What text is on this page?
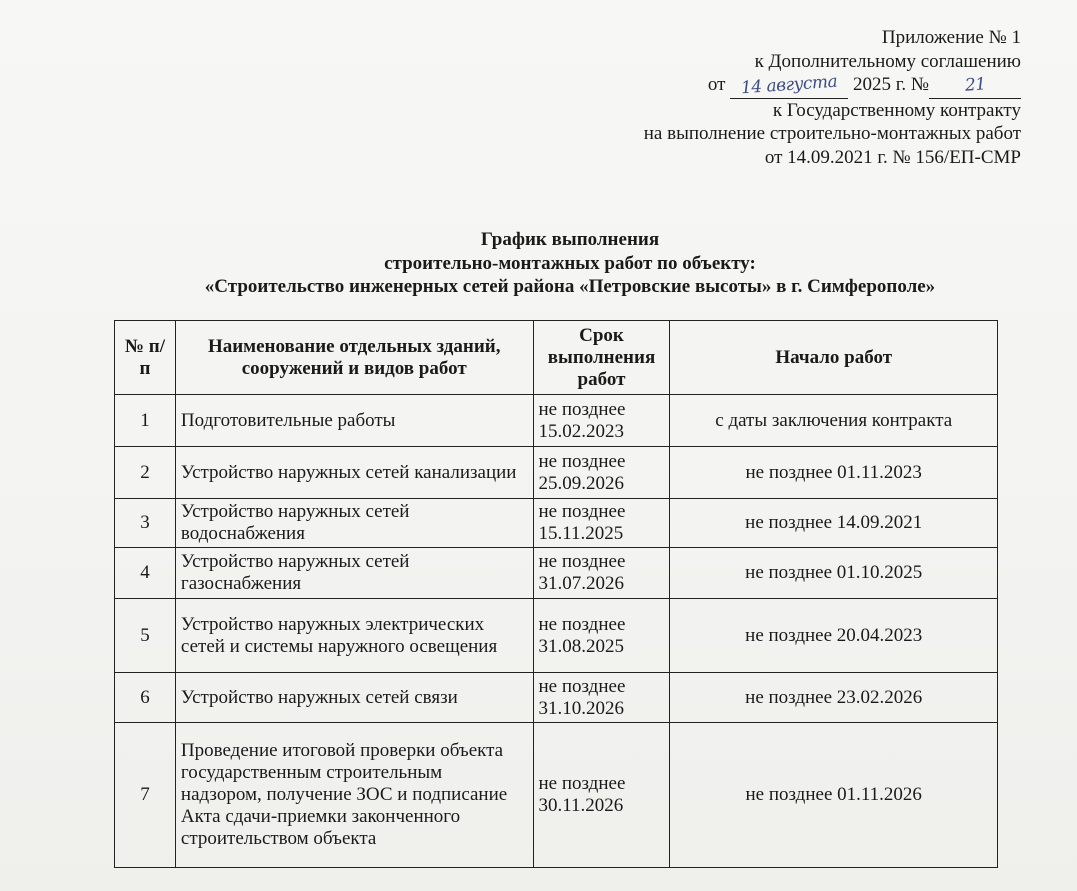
Приложение № 1
к Дополнительному соглашению
от 14 августа 2025 г. № 21
к Государственному контракту
на выполнение строительно-монтажных работ
от 14.09.2021 г. № 156/ЕП-СМР
График выполнения
строительно-монтажных работ по объекту:
«Строительство инженерных сетей района «Петровские высоты» в г. Симферополе»
№ п/п	Наименование отдельных зданий, сооружений и видов работ	Срок выполнения работ	Начало работ
1	Подготовительные работы	не позднее 15.02.2023	с даты заключения контракта
2	Устройство наружных сетей канализации	не позднее 25.09.2026	не позднее 01.11.2023
3	Устройство наружных сетей водоснабжения	не позднее 15.11.2025	не позднее 14.09.2021
4	Устройство наружных сетей газоснабжения	не позднее 31.07.2026	не позднее 01.10.2025
5	Устройство наружных электрических сетей и системы наружного освещения	не позднее 31.08.2025	не позднее 20.04.2023
6	Устройство наружных сетей связи	не позднее 31.10.2026	не позднее 23.02.2026
7	Проведение итоговой проверки объекта государственным строительным надзором, получение ЗОС и подписание Акта сдачи-приемки законченного строительством объекта	не позднее 30.11.2026	не позднее 01.11.2026
